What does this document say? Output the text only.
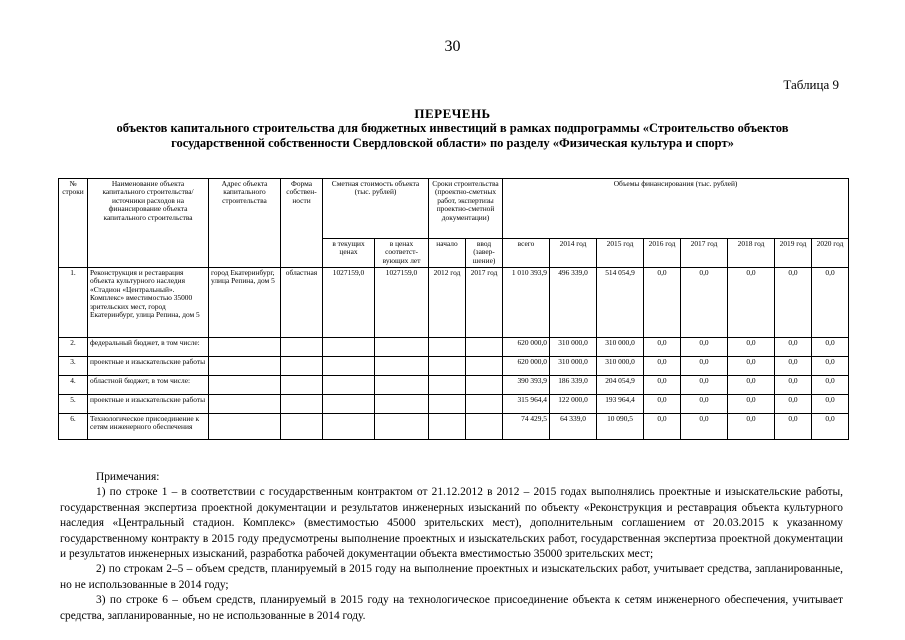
30
Таблица 9
ПЕРЕЧЕНЬ
объектов капитального строительства для бюджетных инвестиций в рамках подпрограммы «Строительство объектов
государственной собственности Свердловской области» по разделу «Физическая культура и спорт»
№ строки	Наименование объекта капитального строительства/ источники расходов на финансирование объекта капитального строительства	Адрес объекта капитального строительства	Форма собствен-ности	Сметная стоимость объекта (тыс. рублей)		Сроки строительства (проектно-сметных работ, экспертизы проектно-сметной документации)		Объемы финансирования (тыс. рублей)							
				в текущих ценах	в ценах соответст-вующих лет	начало	ввод (завер-шение)	всего	2014 год	2015 год	2016 год	2017 год	2018 год	2019 год	2020 год
1.	Реконструкция и реставрация объекта культурного наследия «Стадион «Центральный». Комплекс» вместимостью 35000 зрительских мест, город Екатеринбург, улица Репина, дом 5	город Екатеринбург, улица Репина, дом 5	областная	1027159,0	1027159,0	2012 год	2017 год	1 010 393,9	496 339,0	514 054,9	0,0	0,0	0,0	0,0	0,0
2.	федеральный бюджет, в том числе:							620 000,0	310 000,0	310 000,0	0,0	0,0	0,0	0,0	0,0
3.	проектные и изыскательские работы							620 000,0	310 000,0	310 000,0	0,0	0,0	0,0	0,0	0,0
4.	областной бюджет, в том числе:							390 393,9	186 339,0	204 054,9	0,0	0,0	0,0	0,0	0,0
5.	проектные и изыскательские работы							315 964,4	122 000,0	193 964,4	0,0	0,0	0,0	0,0	0,0
6.	Технологическое присоединение к сетям инженерного обеспечения							74 429,5	64 339,0	10 090,5	0,0	0,0	0,0	0,0	0,0
Примечания:

1) по строке 1 – в соответствии с государственным контрактом от 21.12.2012 в 2012 – 2015 годах выполнялись проектные и изыскательские работы, государственная экспертиза проектной документации и результатов инженерных изысканий по объекту «Реконструкция и реставрация объекта культурного наследия «Центральный стадион. Комплекс» (вместимостью 45000 зрительских мест), дополнительным соглашением от 20.03.2015 к указанному государственному контракту в 2015 году предусмотрены выполнение проектных и изыскательских работ, государственная экспертиза проектной документации и результатов инженерных изысканий, разработка рабочей документации объекта вместимостью 35000 зрительских мест;

2) по строкам 2–5 – объем средств, планируемый в 2015 году на выполнение проектных и изыскательских работ, учитывает средства, запланированные, но не использованные в 2014 году;

3) по строке 6 – объем средств, планируемый в 2015 году на технологическое присоединение объекта к сетям инженерного обеспечения, учитывает средства, запланированные, но не использованные в 2014 году.
